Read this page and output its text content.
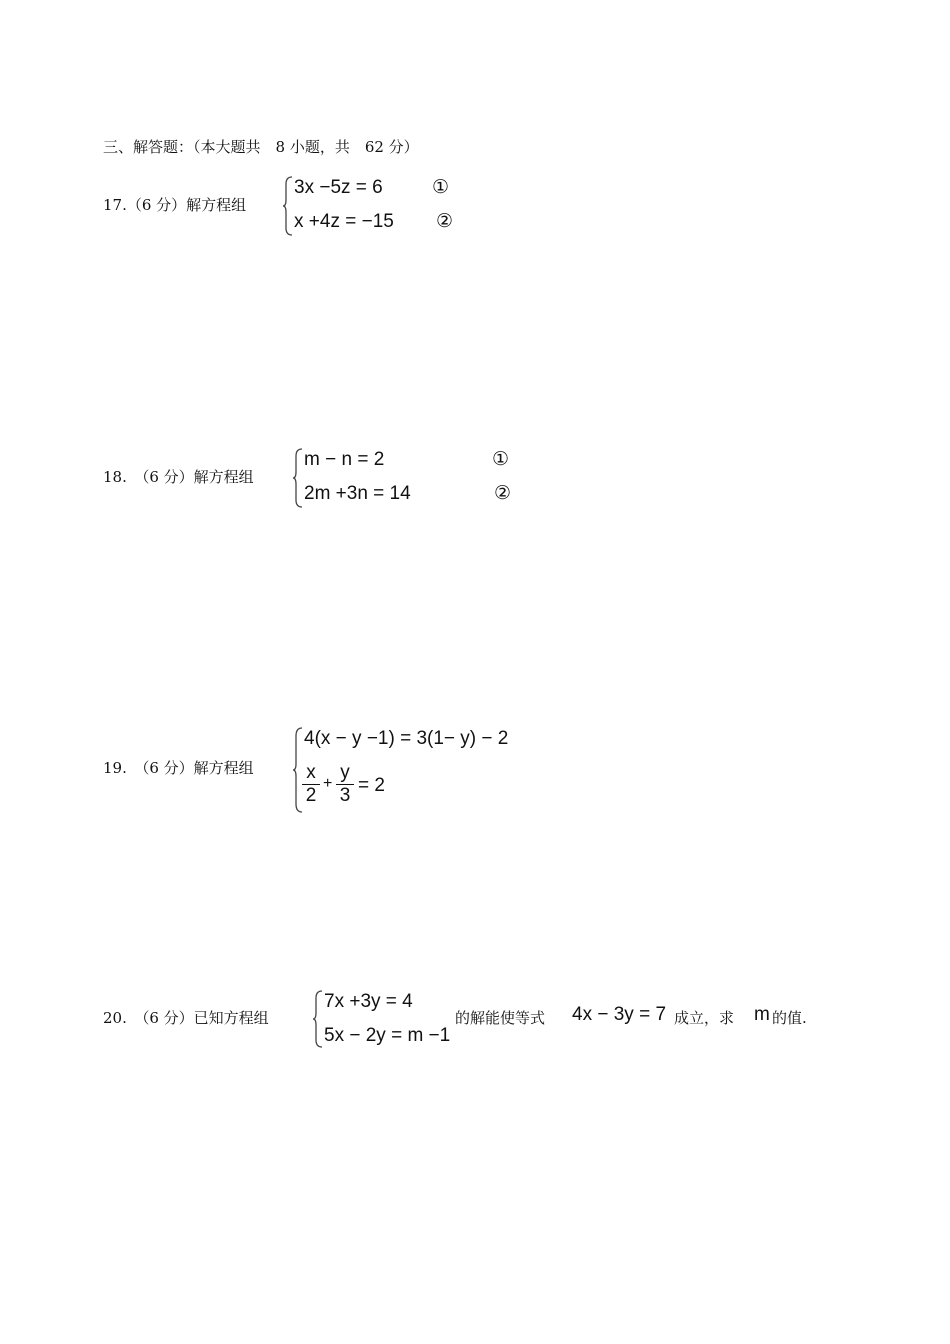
三、解答题：（本大题共　8 小题，共　62 分）
17.（6 分）解方程组
3x −5z = 6
x +4z = −15
①
②
18.　 （6 分）解方程组
m − n = 2
2m +3n = 14
①
②
19.　 （6 分）解方程组
4(x − y −1) = 3(1− y) − 2
$\frac{x}{2} + \frac{y}{3} = 2$
20.　 （6 分）已知方程组
7x +3y = 4
5x − 2y = m −1
的解能使等式 4x − 3y = 7 成立，求 m 的值.
